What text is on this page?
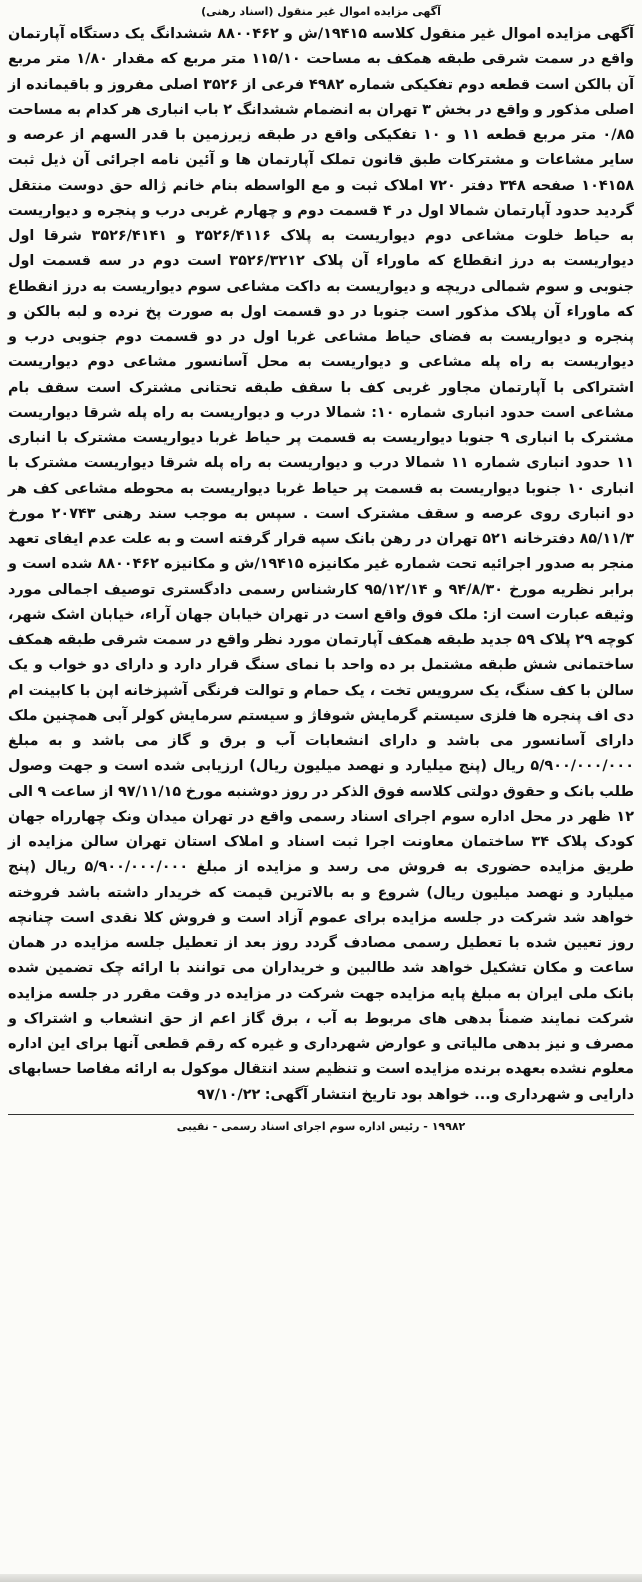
آگهی مزایده اموال غیر منقول (اسناد رهنی)

آگهی مزایده اموال غیر منقول کلاسه ۱۹۴۱۵/ش و ۸۸۰۰۴۶۲ ششدانگ یک دستگاه آپارتمان واقع در سمت شرقی طبقه همکف به مساحت ۱۱۵/۱۰ متر مربع که مقدار ۱/۸۰ متر مربع آن بالکن است قطعه دوم تفکیکی شماره ۴۹۸۲ فرعی از ۳۵۲۶ اصلی مفروز و باقیمانده از اصلی مذکور و واقع در بخش ۳ تهران به انضمام ششدانگ ۲ باب انباری هر کدام به مساحت ۰/۸۵ متر مربع قطعه ۱۱ و ۱۰ تفکیکی واقع در طبقه زیرزمین با قدر السهم از عرصه و سایر مشاعات و مشترکات طبق قانون تملک آپارتمان ها و آئین نامه اجرائی آن ذیل ثبت ۱۰۴۱۵۸ صفحه ۳۴۸ دفتر ۷۲۰ املاک ثبت و مع الواسطه بنام خانم ژاله حق دوست منتقل گردید حدود آپارتمان شمالا اول در ۴ قسمت دوم و چهارم غربی درب و پنجره و دیواریست به حیاط خلوت مشاعی دوم دیواریست به پلاک ۳۵۲۶/۴۱۱۶ و ۳۵۲۶/۴۱۴۱ شرقا اول دیواریست به درز انقطاع که ماوراء آن پلاک ۳۵۲۶/۳۲۱۲ است دوم در سه قسمت اول جنوبی و سوم شمالی دریچه و دیواریست به داکت مشاعی سوم دیواریست به درز انقطاع که ماوراء آن پلاک مذکور است جنوبا در دو قسمت اول به صورت پخ نرده و لبه بالکن و پنجره و دیواریست به فضای حیاط مشاعی غربا اول در دو قسمت دوم جنوبی درب و دیواریست به راه پله مشاعی و دیواریست به محل آسانسور مشاعی دوم دیواریست اشتراکی با آپارتمان مجاور غربی کف با سقف طبقه تحتانی مشترک است سقف بام مشاعی است حدود انباری شماره ۱۰: شمالا درب و دیواریست به راه پله شرقا دیواریست مشترک با انباری ۹ جنوبا دیواریست به قسمت پر حیاط غربا دیواریست مشترک با انباری ۱۱ حدود انباری شماره ۱۱ شمالا درب و دیواریست به راه پله شرقا دیواریست مشترک با انباری ۱۰ جنوبا دیواریست به قسمت پر حیاط غربا دیواریست به محوطه مشاعی کف هر دو انباری روی عرصه و سقف مشترک است . سپس به موجب سند رهنی ۲۰۷۴۳ مورخ ۸۵/۱۱/۳ دفترخانه ۵۲۱ تهران در رهن بانک سپه قرار گرفته است و به علت عدم ایفای تعهد منجر به صدور اجرائیه تحت شماره غیر مکانیزه ۱۹۴۱۵/ش و مکانیزه ۸۸۰۰۴۶۲ شده است و برابر نظریه مورخ ۹۴/۸/۳۰ و ۹۵/۱۲/۱۴ کارشناس رسمی دادگستری توصیف اجمالی مورد وثیقه عبارت است از: ملک فوق واقع است در تهران خیابان جهان آراء، خیابان اشک شهر، کوچه ۲۹ پلاک ۵۹ جدید طبقه همکف آپارتمان مورد نظر واقع در سمت شرقی طبقه همکف ساختمانی شش طبقه مشتمل بر ده واحد با نمای سنگ قرار دارد و دارای دو خواب و یک سالن با کف سنگ، یک سرویس تخت ، یک حمام و توالت فرنگی آشپزخانه اپن با کابینت ام دی اف پنجره ها فلزی سیستم گرمایش شوفاژ و سیستم سرمایش کولر آبی همچنین ملک دارای آسانسور می باشد و دارای انشعابات آب و برق و گاز می باشد و به مبلغ ۵/۹۰۰/۰۰۰/۰۰۰ ریال (پنج میلیارد و نهصد میلیون ریال) ارزیابی شده است و جهت وصول طلب بانک و حقوق دولتی کلاسه فوق الذکر در روز دوشنبه مورخ ۹۷/۱۱/۱۵ از ساعت ۹ الی ۱۲ ظهر در محل اداره سوم اجرای اسناد رسمی واقع در تهران میدان ونک چهارراه جهان کودک پلاک ۳۴ ساختمان معاونت اجرا ثبت اسناد و املاک استان تهران سالن مزایده از طریق مزایده حضوری به فروش می رسد و مزایده از مبلغ ۵/۹۰۰/۰۰۰/۰۰۰ ریال (پنج میلیارد و نهصد میلیون ریال) شروع و به بالاترین قیمت که خریدار داشته باشد فروخته خواهد شد شرکت در جلسه مزایده برای عموم آزاد است و فروش کلا نقدی است چنانچه روز تعیین شده با تعطیل رسمی مصادف گردد روز بعد از تعطیل جلسه مزایده در همان ساعت و مکان تشکیل خواهد شد طالبین و خریداران می توانند با ارائه چک تضمین شده بانک ملی ایران به مبلغ پایه مزایده جهت شرکت در مزایده در وقت مقرر در جلسه مزایده شرکت نمایند ضمناً بدهی های مربوط به آب ، برق گاز اعم از حق انشعاب و اشتراک و مصرف و نیز بدهی مالیاتی و عوارض شهرداری و غیره که رقم قطعی آنها برای این اداره معلوم نشده بعهده برنده مزایده است و تنظیم سند انتقال موکول به ارائه مفاصا حسابهای دارایی و شهرداری و... خواهد بود تاریخ انتشار آگهی: ۹۷/۱۰/۲۲

۱۹۹۸۲ - رئیس اداره سوم اجرای اسناد رسمی - نقیبی
